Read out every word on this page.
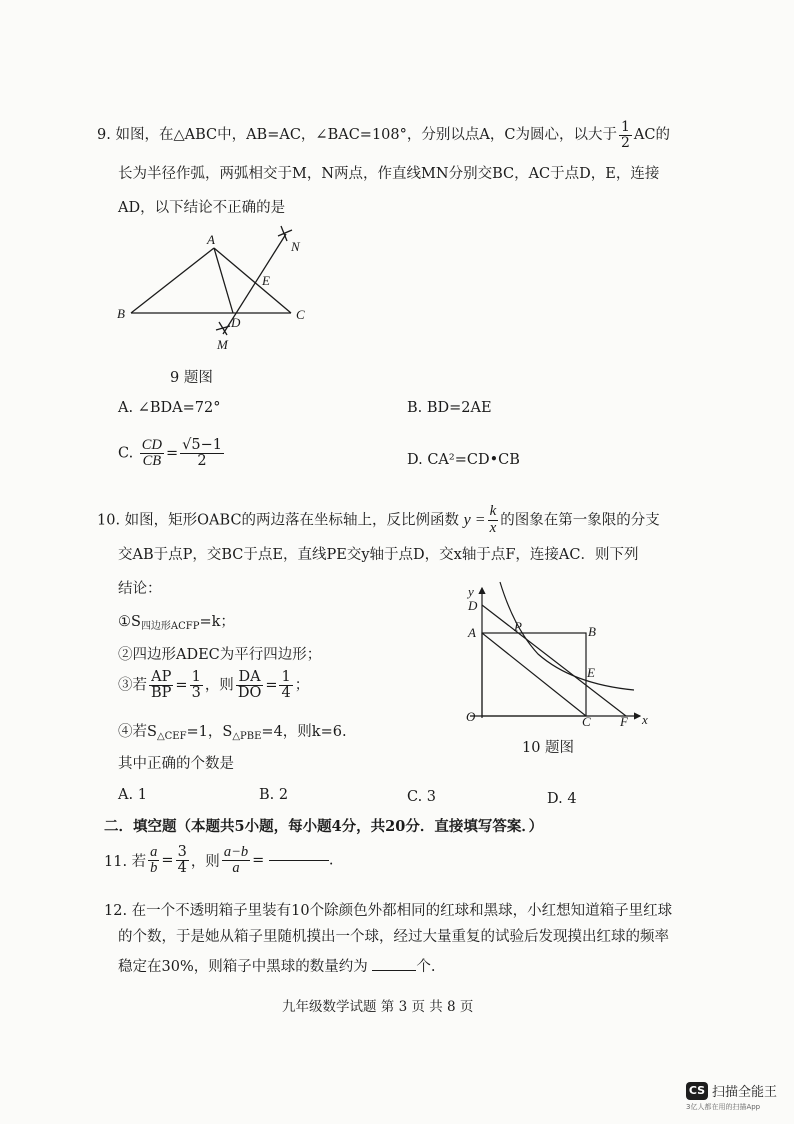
9. 如图，在△ABC中，AB=AC，∠BAC=108°，分别以点A，C为圆心，以大于 $\frac{1}{2}$ AC的
长为半径作弧，两弧相交于M，N两点，作直线MN分别交BC，AC于点D，E，连接
AD，以下结论不正确的是
A
B	C
D
E
M
N
9 题图
A. ∠BDA=72°	B. BD=2AE
C. $\frac{CD}{CB} = \frac{√5-1}{2}$	D. CA²=CD•CB
10. 如图，矩形OABC的两边落在坐标轴上，反比例函数 $y = \frac{k}{x}$ 的图象在第一象限的分支
交AB于点P，交BC于点E，直线PE交y轴于点D，交x轴于点F，连接AC．则下列
结论：
$①S_{四边形ACFP}=k$；
②四边形ADEC为平行四边形；
③若 $\frac{AP}{BP} = \frac{1}{3}$ ，则 $\frac{DA}{DO} = \frac{1}{4}$ ；
④若$S_{\triangle CEF}=1$，$S_{\triangle PBE}=4$，则k=6.
其中正确的个数是
y
D
A	P	B
E
O	C F x
10 题图
A. 1	B. 2	C. 3	D. 4
二．填空题（本题共5小题，每小题4分，共20分．直接填写答案．）
11. 若 $\frac{a}{b} = \frac{3}{4}$ ，则 $\frac{a-b}{a}$ =	.
12. 在一个不透明箱子里装有10个除颜色外都相同的红球和黑球，小红想知道箱子里红球
的个数，于是她从箱子里随机摸出一个球，经过大量重复的试验后发现摸出红球的频率
稳定在30%，则箱子中黑球的数量约为	个.
九年级数学试题 第 3 页 共 8 页
CS 扫描全能王
3亿人都在用的扫描App
